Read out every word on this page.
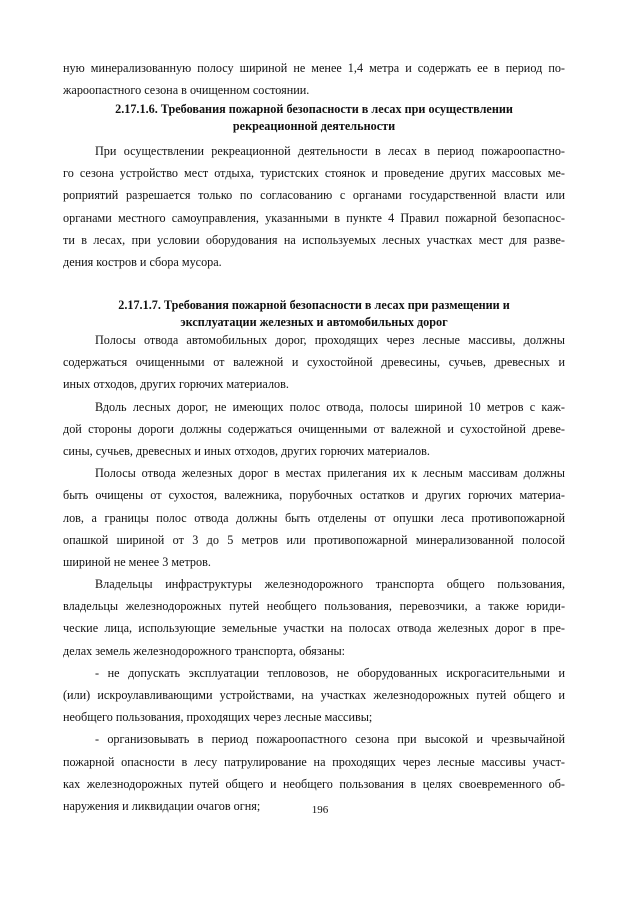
ную минерализованную полосу шириной не менее 1,4 метра и содержать ее в период по-
жароопастного сезона в очищенном состоянии.
2.17.1.6. Требования пожарной безопасности в лесах при осуществлении
рекреационной деятельности
При осуществлении рекреационной деятельности в лесах в период пожароопастно-
го сезона устройство мест отдыха, туристских стоянок и проведение других массовых ме-
роприятий разрешается только по согласованию с органами государственной власти или
органами местного самоуправления, указанными в пункте 4 Правил пожарной безопаснос-
ти в лесах, при условии оборудования на используемых лесных участках мест для разве-
дения костров и сбора мусора.
2.17.1.7. Требования пожарной безопасности в лесах при размещении и
эксплуатации железных и автомобильных дорог
Полосы отвода автомобильных дорог, проходящих через лесные массивы, должны
содержаться очищенными от валежной и сухостойной древесины, сучьев, древесных и
иных отходов, других горючих материалов.
Вдоль лесных дорог, не имеющих полос отвода, полосы шириной 10 метров с каж-
дой стороны дороги должны содержаться очищенными от валежной и сухостойной древе-
сины, сучьев, древесных и иных отходов, других горючих материалов.
Полосы отвода железных дорог в местах прилегания их к лесным массивам должны
быть очищены от сухостоя, валежника, порубочных остатков и других горючих материа-
лов, а границы полос отвода должны быть отделены от опушки леса противопожарной
опашкой шириной от 3 до 5 метров или противопожарной минерализованной полосой
шириной не менее 3 метров.
Владельцы инфраструктуры железнодорожного транспорта общего пользования,
владельцы железнодорожных путей необщего пользования, перевозчики, а также юриди-
ческие лица, использующие земельные участки на полосах отвода железных дорог в пре-
делах земель железнодорожного транспорта, обязаны:
- не допускать эксплуатации тепловозов, не оборудованных искрогасительными и
(или) искроулавливающими устройствами, на участках железнодорожных путей общего и
необщего пользования, проходящих через лесные массивы;
- организовывать в период пожароопастного сезона при высокой и чрезвычайной
пожарной опасности в лесу патрулирование на проходящих через лесные массивы участ-
ках железнодорожных путей общего и необщего пользования в целях своевременного об-
наружения и ликвидации очагов огня;	196
